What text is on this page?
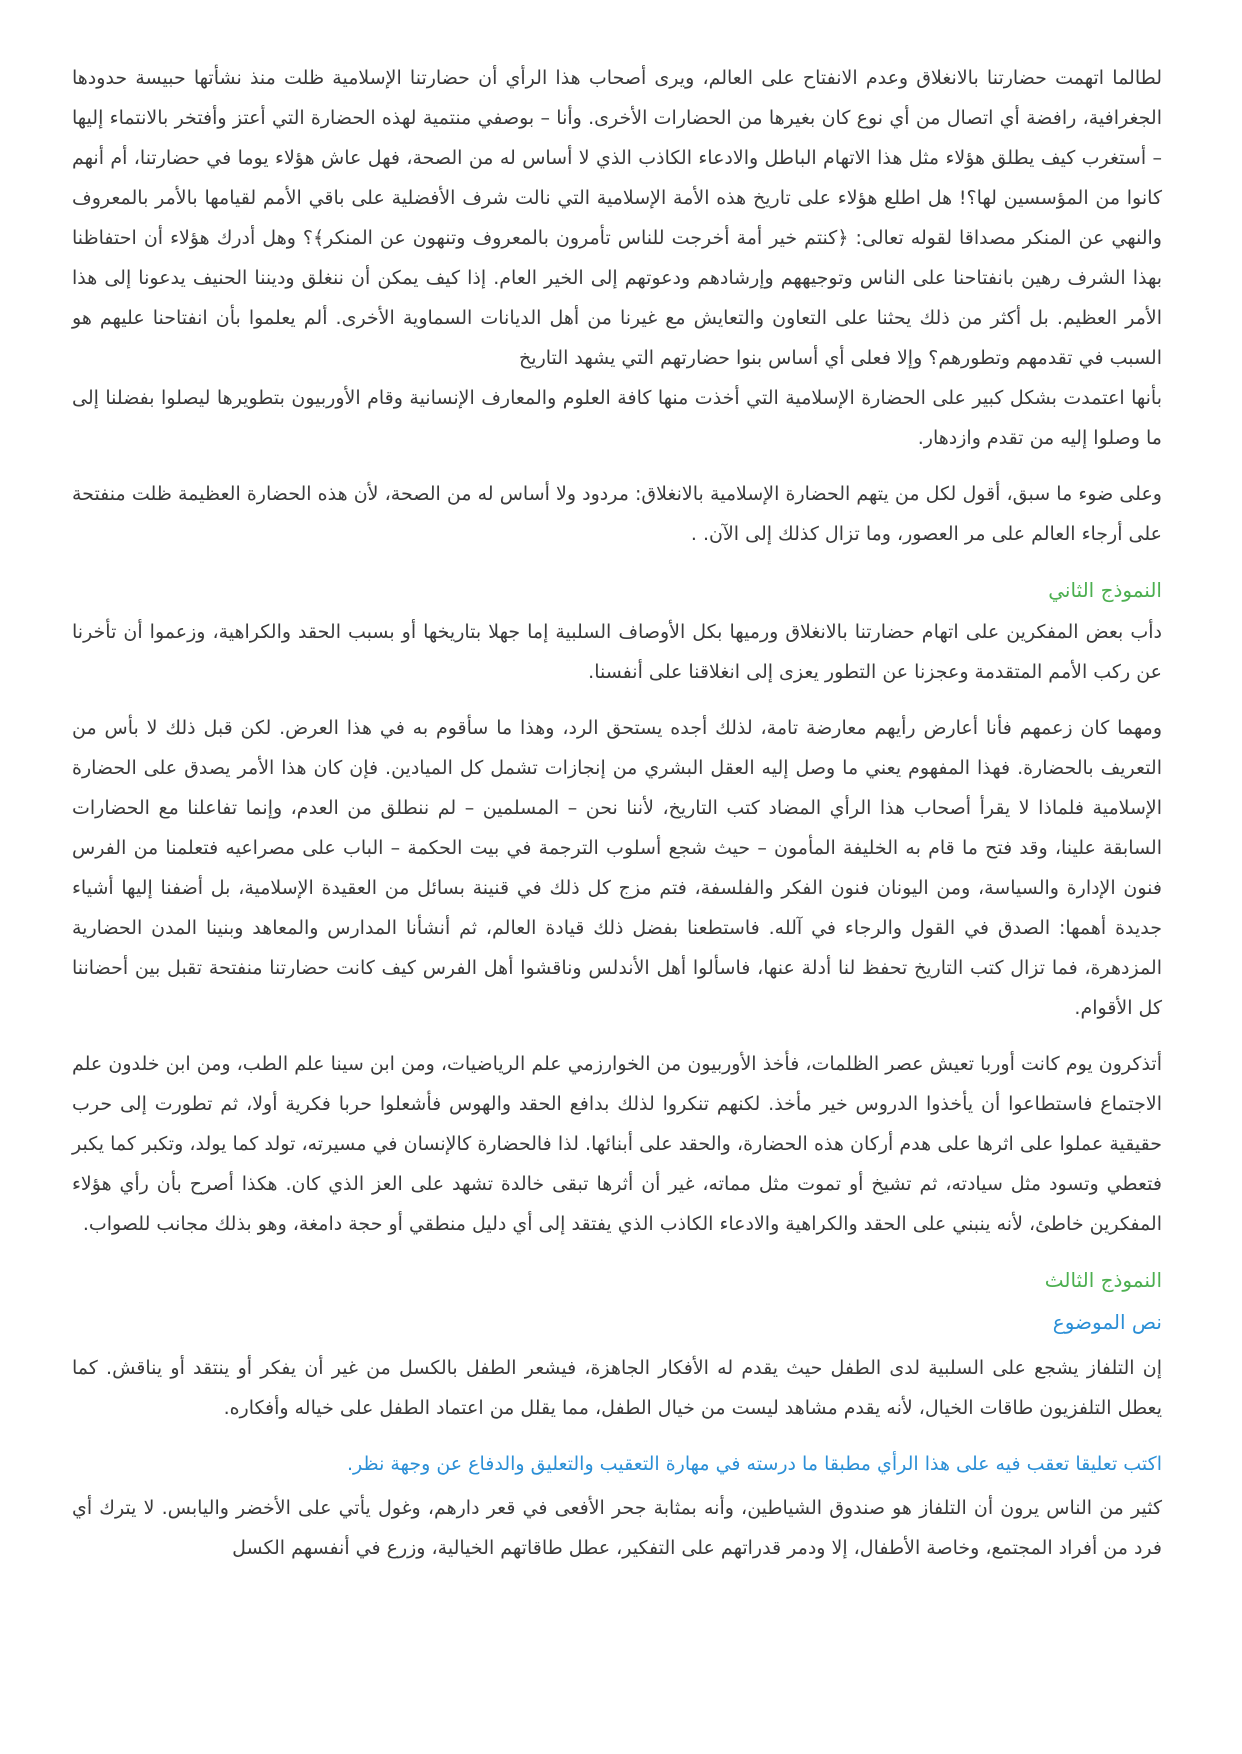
لطالما اتهمت حضارتنا بالانغلاق وعدم الانفتاح على العالم، ويرى أصحاب هذا الرأي أن حضارتنا الإسلامية ظلت منذ نشأتها حبيسة حدودها الجغرافية، رافضة أي اتصال من أي نوع كان بغيرها من الحضارات الأخرى. وأنا – بوصفي منتمية لهذه الحضارة التي أعتز وأفتخر بالانتماء إليها – أستغرب كيف يطلق هؤلاء مثل هذا الاتهام الباطل والادعاء الكاذب الذي لا أساس له من الصحة، فهل عاش هؤلاء يوما في حضارتنا، أم أنهم كانوا من المؤسسين لها؟! هل اطلع هؤلاء على تاريخ هذه الأمة الإسلامية التي نالت شرف الأفضلية على باقي الأمم لقيامها بالأمر بالمعروف والنهي عن المنكر مصداقا لقوله تعالى: ﴿كنتم خير أمة أخرجت للناس تأمرون بالمعروف وتنهون عن المنكر﴾؟ وهل أدرك هؤلاء أن احتفاظنا بهذا الشرف رهين بانفتاحنا على الناس وتوجيههم وإرشادهم ودعوتهم إلى الخير العام. إذا كيف يمكن أن ننغلق وديننا الحنيف يدعونا إلى هذا الأمر العظيم. بل أكثر من ذلك يحثنا على التعاون والتعايش مع غيرنا من أهل الديانات السماوية الأخرى. ألم يعلموا بأن انفتاحنا عليهم هو السبب في تقدمهم وتطورهم؟ وإلا فعلى أي أساس بنوا حضارتهم التي يشهد التاريخ

بأنها اعتمدت بشكل كبير على الحضارة الإسلامية التي أخذت منها كافة العلوم والمعارف الإنسانية وقام الأوربيون بتطويرها ليصلوا بفضلنا إلى ما وصلوا إليه من تقدم وازدهار.

وعلى ضوء ما سبق، أقول لكل من يتهم الحضارة الإسلامية بالانغلاق: مردود ولا أساس له من الصحة، لأن هذه الحضارة العظيمة ظلت منفتحة على أرجاء العالم على مر العصور، وما تزال كذلك إلى الآن. .

النموذج الثاني

دأب بعض المفكرين على اتهام حضارتنا بالانغلاق ورميها بكل الأوصاف السلبية إما جهلا بتاريخها أو بسبب الحقد والكراهية، وزعموا أن تأخرنا عن ركب الأمم المتقدمة وعجزنا عن التطور يعزى إلى انغلاقنا على أنفسنا.

ومهما كان زعمهم فأنا أعارض رأيهم معارضة تامة، لذلك أجده يستحق الرد، وهذا ما سأقوم به في هذا العرض. لكن قبل ذلك لا بأس من التعريف بالحضارة. فهذا المفهوم يعني ما وصل إليه العقل البشري من إنجازات تشمل كل الميادين. فإن كان هذا الأمر يصدق على الحضارة الإسلامية فلماذا لا يقرأ أصحاب هذا الرأي المضاد كتب التاريخ، لأننا نحن – المسلمين – لم ننطلق من العدم، وإنما تفاعلنا مع الحضارات السابقة علينا، وقد فتح ما قام به الخليفة المأمون – حيث شجع أسلوب الترجمة في بيت الحكمة – الباب على مصراعيه فتعلمنا من الفرس فنون الإدارة والسياسة، ومن اليونان فنون الفكر والفلسفة، فتم مزج كل ذلك في قنينة بسائل من العقيدة الإسلامية، بل أضفنا إليها أشياء جديدة أهمها: الصدق في القول والرجاء في آلله. فاستطعنا بفضل ذلك قيادة العالم، ثم أنشأنا المدارس والمعاهد وبنينا المدن الحضارية المزدهرة، فما تزال كتب التاريخ تحفظ لنا أدلة عنها، فاسألوا أهل الأندلس وناقشوا أهل الفرس كيف كانت حضارتنا منفتحة تقبل بين أحضاننا كل الأقوام.

أتذكرون يوم كانت أوربا تعيش عصر الظلمات، فأخذ الأوربيون من الخوارزمي علم الرياضيات، ومن ابن سينا علم الطب، ومن ابن خلدون علم الاجتماع فاستطاعوا أن يأخذوا الدروس خير مأخذ. لكنهم تنكروا لذلك بدافع الحقد والهوس فأشعلوا حربا فكرية أولا، ثم تطورت إلى حرب حقيقية عملوا على اثرها على هدم أركان هذه الحضارة، والحقد على أبنائها. لذا فالحضارة كالإنسان في مسيرته، تولد كما يولد، وتكبر كما يكبر فتعطي وتسود مثل سيادته، ثم تشيخ أو تموت مثل مماته، غير أن أثرها تبقى خالدة تشهد على العز الذي كان. هكذا أصرح بأن رأي هؤلاء المفكرين خاطئ، لأنه ينبني على الحقد والكراهية والادعاء الكاذب الذي يفتقد إلى أي دليل منطقي أو حجة دامغة، وهو بذلك مجانب للصواب.

النموذج الثالث
نص الموضوع

إن التلفاز يشجع على السلبية لدى الطفل حيث يقدم له الأفكار الجاهزة، فيشعر الطفل بالكسل من غير أن يفكر أو ينتقد أو يناقش. كما يعطل التلفزيون طاقات الخيال، لأنه يقدم مشاهد ليست من خيال الطفل، مما يقلل من اعتماد الطفل على خياله وأفكاره.

اكتب تعليقا تعقب فيه على هذا الرأي مطبقا ما درسته في مهارة التعقيب والتعليق والدفاع عن وجهة نظر.

كثير من الناس يرون أن التلفاز هو صندوق الشياطين، وأنه بمثابة جحر الأفعى في قعر دارهم، وغول يأتي على الأخضر واليابس. لا يترك أي فرد من أفراد المجتمع، وخاصة الأطفال، إلا ودمر قدراتهم على التفكير، عطل طاقاتهم الخيالية، وزرع في أنفسهم الكسل
